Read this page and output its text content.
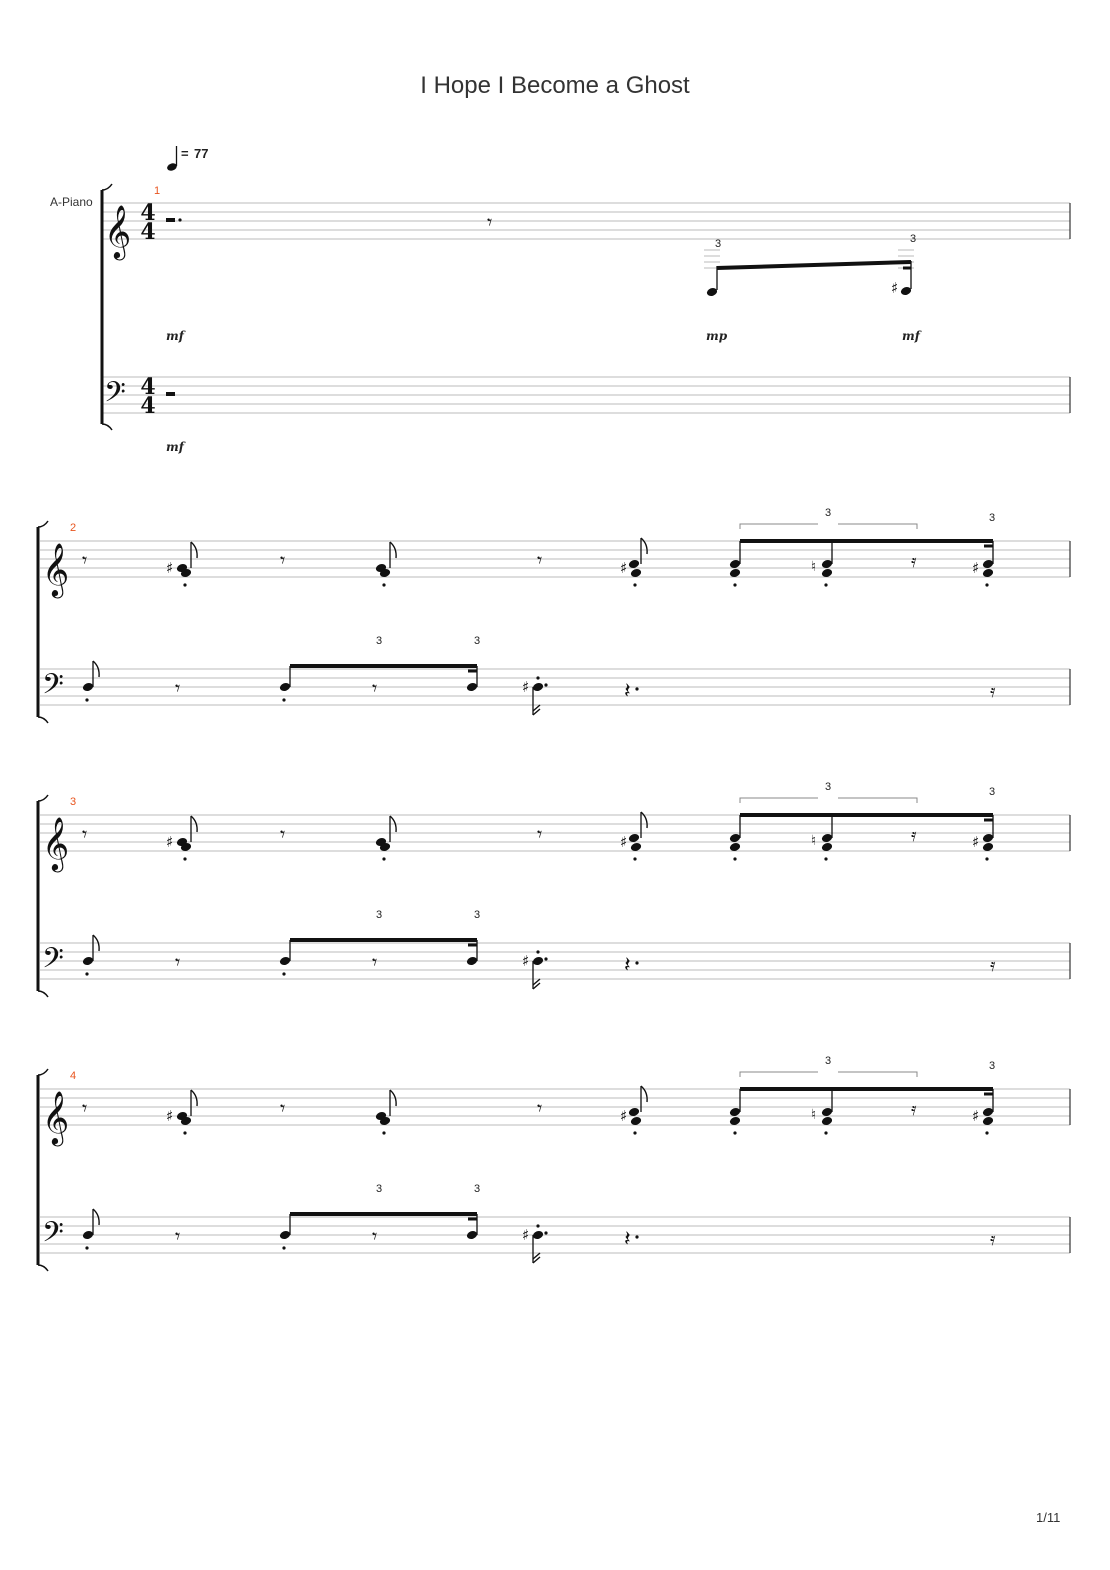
I Hope I Become a Ghost
1/11
= 77
A-Piano
𝄞
𝄢
4
4
4
4
1
𝄾
♯
3	3
mf	mp	mf
mf
𝄞
𝄢
2
𝄾	♯	𝄾	𝄾	♯	♮	𝄿	♯
3	3
𝄾	𝄾
3	3
♯	𝄽	𝄿
𝄞
𝄢
3
𝄾	♯	𝄾	𝄾	♯	♮	𝄿	♯
3	3
𝄾	𝄾
3	3
♯	𝄽	𝄿
𝄞
𝄢
4
𝄾	♯	𝄾	𝄾	♯	♮	𝄿	♯
3	3
𝄾	𝄾
3	3
♯	𝄽	𝄿
